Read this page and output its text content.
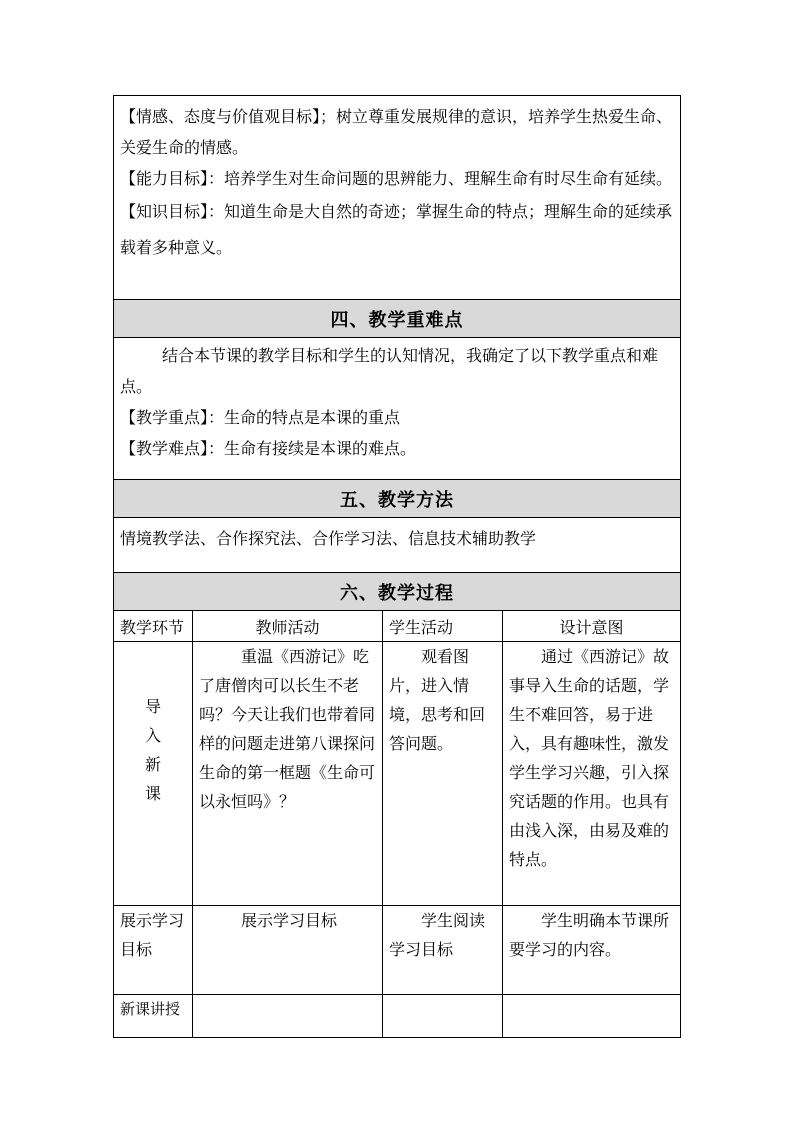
【情感、态度与价值观目标】；树立尊重发展规律的意识，培养学生热爱生命、关爱生命的情感。

【能力目标】：培养学生对生命问题的思辨能力、理解生命有时尽生命有延续。

【知识目标】：知道生命是大自然的奇迹；掌握生命的特点；理解生命的延续承载着多种意义。			

四、教学重难点			

结合本节课的教学目标和学生的认知情况，我确定了以下教学重点和难点。

【教学重点】：生命的特点是本课的重点

【教学难点】：生命有接续是本课的难点。			

五、教学方法			

情境教学法、合作探究法、合作学习法、信息技术辅助教学			

六、教学过程			
教学环节	教师活动	学生活动	设计意图

导
入
新
课	重温《西游记》吃了唐僧肉可以长生不老吗？今天让我们也带着同样的问题走进第八课探问生命的第一框题《生命可以永恒吗》？	观看图片，进入情境，思考和回答问题。	通过《西游记》故事导入生命的话题，学生不难回答，易于进入，具有趣味性，激发学生学习兴趣，引入探究话题的作用。也具有由浅入深，由易及难的特点。

展示学习目标	展示学习目标	学生阅读学习目标	学生明确本节课所要学习的内容。

新课讲授			
